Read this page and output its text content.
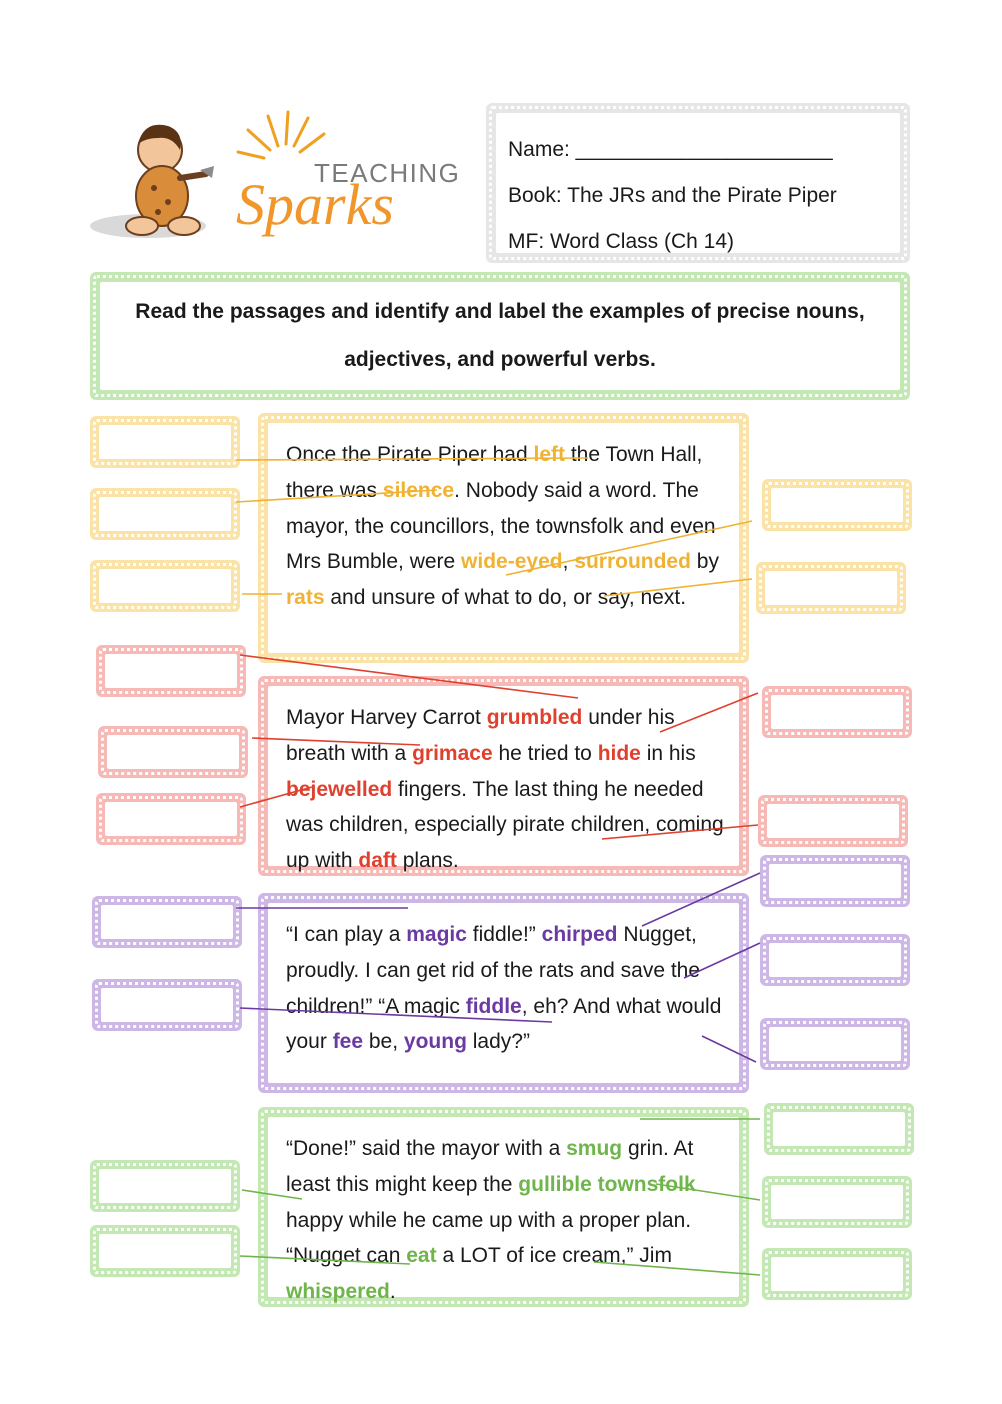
TEACHING
Sparks
Name: ______________________
Book: The JRs and the Pirate Piper
MF: Word Class (Ch 14)
Read the passages and identify and label the examples of precise nouns, adjectives, and powerful verbs.
Once the Pirate Piper had left the Town Hall, there was silence. Nobody said a word. The mayor, the councillors, the townsfolk and even Mrs Bumble, were wide-eyed, surrounded by rats and unsure of what to do, or say, next.
Mayor Harvey Carrot grumbled under his breath with a grimace he tried to hide in his bejewelled fingers. The last thing he needed was children, especially pirate children, coming up with daft plans.
“I can play a magic fiddle!” chirped Nugget, proudly. I can get rid of the rats and save the children!” “A magic fiddle, eh? And what would your fee be, young lady?”
“Done!” said the mayor with a smug grin. At least this might keep the gullible townsfolk happy while he came up with a proper plan. “Nugget can eat a LOT of ice cream,” Jim whispered.
